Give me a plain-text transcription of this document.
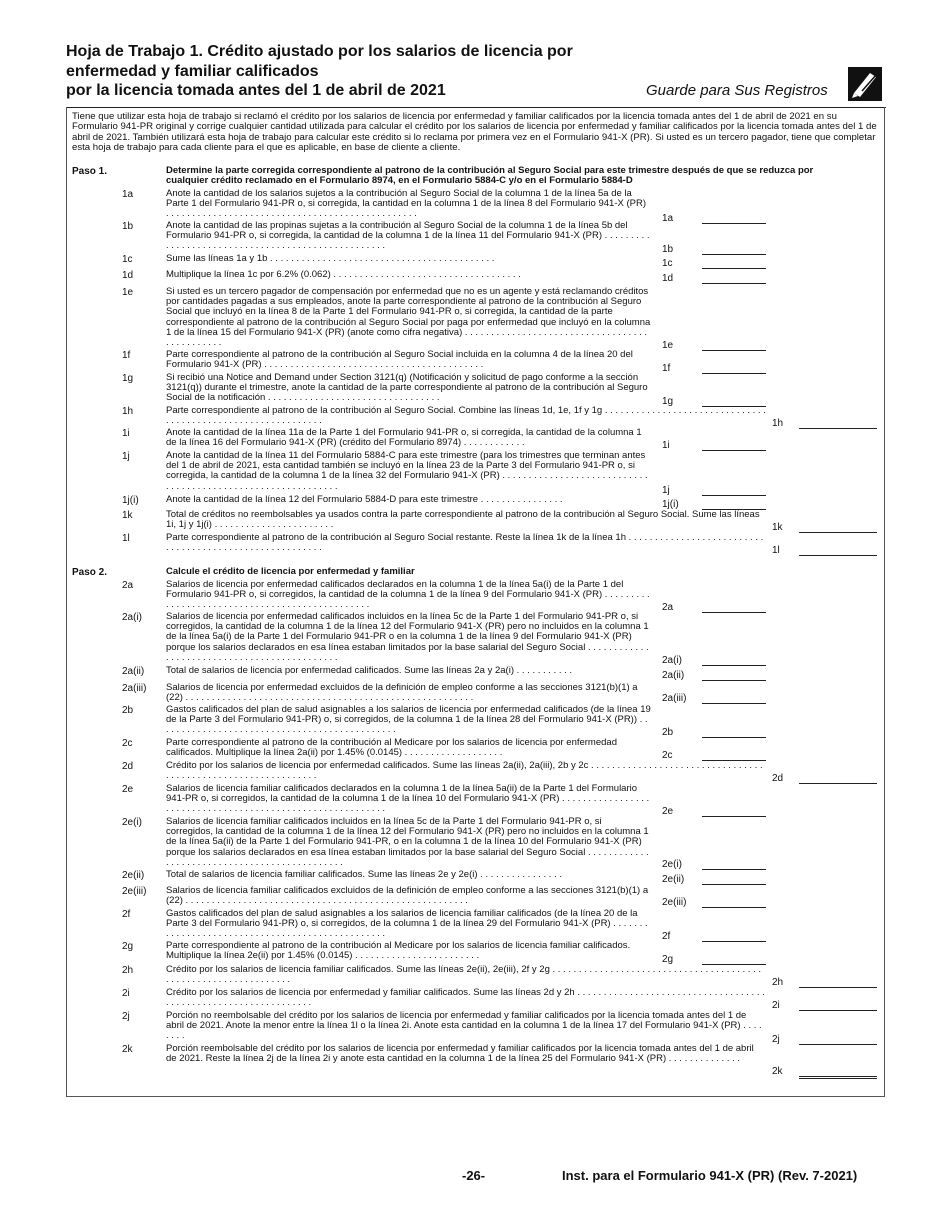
Hoja de Trabajo 1. Crédito ajustado por los salarios de licencia por
enfermedad y familiar calificados
por la licencia tomada antes del 1 de abril de 2021	Guarde para Sus Registros
Tiene que utilizar esta hoja de trabajo si reclamó el crédito por los salarios de licencia por enfermedad y familiar calificados por la licencia tomada antes del 1 de abril de 2021 en su Formulario 941-PR original y corrige cualquier cantidad utilizada para calcular el crédito por los salarios de licencia por enfermedad y familiar calificados por la licencia tomada antes del 1 de abril de 2021. También utilizará esta hoja de trabajo para calcular este crédito si lo reclama por primera vez en el Formulario 941-X (PR). Si usted es un tercero pagador, tiene que completar esta hoja de trabajo para cada cliente para el que es aplicable, en base de cliente a cliente.
Paso 1.	Determine la parte corregida correspondiente al patrono de la contribución al Seguro Social para este trimestre después de que se reduzca por cualquier crédito reclamado en el Formulario 8974, en el Formulario 5884-C y/o en el Formulario 5884-D
1a	Anote la cantidad de los salarios sujetos a la contribución al Seguro Social de la columna 1 de la línea 5a de la Parte 1 del Formulario 941-PR o, si corregida, la cantidad en la columna 1 de la línea 8 del Formulario 941-X (PR) . . . . . . . . . . . . . . . . . . . . . . . . . . . . . . . . . . . . . . . . . . . . . . . .	1a
1b	Anote la cantidad de las propinas sujetas a la contribución al Seguro Social de la columna 1 de la línea 5b del Formulario 941-PR o, si corregida, la cantidad de la columna 1 de la línea 11 del Formulario 941-X (PR) . . . . . . . . . . . . . . . . . . . . . . . . . . . . . . . . . . . . . . . . . . . . . . . . . . .	1b
1c	Sume las líneas 1a y 1b . . . . . . . . . . . . . . . . . . . . . . . . . . . . . . . . . . . . . . . . . . .	1c
1d	Multiplique la línea 1c por 6.2% (0.062) . . . . . . . . . . . . . . . . . . . . . . . . . . . . . . . . . . . .	1d
1e	Si usted es un tercero pagador de compensación por enfermedad que no es un agente y está reclamando créditos por cantidades pagadas a sus empleados, anote la parte correspondiente al patrono de la contribución al Seguro Social que incluyó en la línea 8 de la Parte 1 del Formulario 941-PR o, si corregida, la cantidad de la parte correspondiente al patrono de la contribución al Seguro Social por paga por enfermedad que incluyó en la columna 1 de la línea 15 del Formulario 941-X (PR) (anote como cifra negativa) . . . . . . . . . . . . . . . . . . . . . . . . . . . . . . . . . . . . . . . . . . . . . .	1e
1f	Parte correspondiente al patrono de la contribución al Seguro Social incluida en la columna 4 de la línea 20 del Formulario 941-X (PR) . . . . . . . . . . . . . . . . . . . . . . . . . . . . . . . . . . . . . . . . . .	1f
1g	Si recibió una Notice and Demand under Section 3121(q) (Notificación y solicitud de pago conforme a la sección 3121(q)) durante el trimestre, anote la cantidad de la parte correspondiente al patrono de la contribución al Seguro Social de la notificación . . . . . . . . . . . . . . . . . . . . . . . . . . . . . . . . .	1g
1h	Parte correspondiente al patrono de la contribución al Seguro Social. Combine las líneas 1d, 1e, 1f y 1g . . . . . . . . . . . . . . . . . . . . . . . . . . . . . . . . . . . . . . . . . . . . . . . . . . . . . . . . . . . . .	1h
1i	Anote la cantidad de la línea 11a de la Parte 1 del Formulario 941-PR o, si corregida, la cantidad de la columna 1 de la línea 16 del Formulario 941-X (PR) (crédito del Formulario 8974) . . . . . . . . . . . .	1i
1j	Anote la cantidad de la línea 11 del Formulario 5884-C para este trimestre (para los trimestres que terminan antes del 1 de abril de 2021, esta cantidad también se incluyó en la línea 23 de la Parte 3 del Formulario 941-PR o, si corregida, la cantidad de la columna 1 de la línea 32 del Formulario 941-X (PR) . . . . . . . . . . . . . . . . . . . . . . . . . . . . . . . . . . . . . . . . . . . . . . . . . . . . . . . . . . . . .	1j
1j(i)	Anote la cantidad de la línea 12 del Formulario 5884-D para este trimestre . . . . . . . . . . . . . . . .	1j(i)
1k	Total de créditos no reembolsables ya usados contra la parte correspondiente al patrono de la contribución al Seguro Social. Sume las líneas 1i, 1j y 1j(i) . . . . . . . . . . . . . . . . . . . . . . .	1k
1l	Parte correspondiente al patrono de la contribución al Seguro Social restante. Reste la línea 1k de la línea 1h . . . . . . . . . . . . . . . . . . . . . . . . . . . . . . . . . . . . . . . . . . . . . . . . . . . . . . . .	1l
Paso 2.	Calcule el crédito de licencia por enfermedad y familiar
2a	Salarios de licencia por enfermedad calificados declarados en la columna 1 de la línea 5a(i) de la Parte 1 del Formulario 941-PR o, si corregidos, la cantidad de la columna 1 de la línea 9 del Formulario 941-X (PR) . . . . . . . . . . . . . . . . . . . . . . . . . . . . . . . . . . . . . . . . . . . . . . . .	2a
2a(i)	Salarios de licencia por enfermedad calificados incluidos en la línea 5c de la Parte 1 del Formulario 941-PR o, si corregidos, la cantidad de la columna 1 de la línea 12 del Formulario 941-X (PR) pero no incluidos en la columna 1 de la línea 5a(i) de la Parte 1 del Formulario 941-PR o en la columna 1 de la línea 9 del Formulario 941-X (PR) porque los salarios declarados en esa línea estaban limitados por la base salarial del Seguro Social . . . . . . . . . . . . . . . . . . . . . . . . . . . . . . . . . . . . . . . . . . . . .	2a(i)
2a(ii) Total de salarios de licencia por enfermedad calificados. Sume las líneas 2a y 2a(i) . . . . . . . . . . .	2a(ii)
2a(iii) Salarios de licencia por enfermedad excluidos de la definición de empleo conforme a las secciones 3121(b)(1) a (22) . . . . . . . . . . . . . . . . . . . . . . . . . . . . . . . . . . . . . . . . . . . . . . . . . . . . . . .	2a(iii)
2b	Gastos calificados del plan de salud asignables a los salarios de licencia por enfermedad calificados (de la línea 19 de la Parte 3 del Formulario 941-PR) o, si corregidos, de la columna 1 de la línea 28 del Formulario 941-X (PR)) . . . . . . . . . . . . . . . . . . . . . . . . . . . . . . . . . . . . . . . . . . . . . .	2b
2c	Parte correspondiente al patrono de la contribución al Medicare por los salarios de licencia por enfermedad calificados. Multiplique la línea 2a(ii) por 1.45% (0.0145) . . . . . . . . . . . . . . . . . . .	2c
2d	Crédito por los salarios de licencia por enfermedad calificados. Sume las líneas 2a(ii), 2a(iii), 2b y 2c . . . . . . . . . . . . . . . . . . . . . . . . . . . . . . . . . . . . . . . . . . . . . . . . . . . . . . . . . . . . . .	2d
2e	Salarios de licencia familiar calificados declarados en la columna 1 de la línea 5a(ii) de la Parte 1 del Formulario 941-PR o, si corregidos, la cantidad de la columna 1 de la línea 10 del Formulario 941-X (PR) . . . . . . . . . . . . . . . . . . . . . . . . . . . . . . . . . . . . . . . . . . . . . . . . . . . . . . . . . . .	2e
2e(i)	Salarios de licencia familiar calificados incluidos en la línea 5c de la Parte 1 del Formulario 941-PR o, si corregidos, la cantidad de la columna 1 de la línea 12 del Formulario 941-X (PR) pero no incluidos en la columna 1 de la línea 5a(ii) de la Parte 1 del Formulario 941-PR, o en la columna 1 de la línea 10 del Formulario 941-X (PR) porque los salarios declarados en esa línea estaban limitados por la base salarial del Seguro Social . . . . . . . . . . . . . . . . . . . . . . . . . . . . . . . . . . . . . . . . . . . . . .	2e(i)
2e(ii) Total de salarios de licencia familiar calificados. Sume las líneas 2e y 2e(i) . . . . . . . . . . . . . . . .	2e(ii)
2e(iii) Salarios de licencia familiar calificados excluidos de la definición de empleo conforme a las secciones 3121(b)(1) a (22) . . . . . . . . . . . . . . . . . . . . . . . . . . . . . . . . . . . . . . . . . . . . . . . . . . . . . .	2e(iii)
2f	Gastos calificados del plan de salud asignables a los salarios de licencia familiar calificados (de la línea 20 de la Parte 3 del Formulario 941-PR) o, si corregidos, de la columna 1 de la línea 29 del Formulario 941-X (PR) . . . . . . . . . . . . . . . . . . . . . . . . . . . . . . . . . . . . . . . . . . . . . . . . .	2f
2g	Parte correspondiente al patrono de la contribución al Medicare por los salarios de licencia familiar calificados. Multiplique la línea 2e(ii) por 1.45% (0.0145) . . . . . . . . . . . . . . . . . . . . . . . .	2g
2h	Crédito por los salarios de licencia familiar calificados. Sume las líneas 2e(ii), 2e(iii), 2f y 2g . . . . . . . . . . . . . . . . . . . . . . . . . . . . . . . . . . . . . . . . . . . . . . . . . . . . . . . . . . . . . . . .	2h
2i	Crédito por los salarios de licencia por enfermedad y familiar calificados. Sume las líneas 2d y 2h . . . . . . . . . . . . . . . . . . . . . . . . . . . . . . . . . . . . . . . . . . . . . . . . . . . . . . . . . . . . . . . .	2i
2j	Porción no reembolsable del crédito por los salarios de licencia por enfermedad y familiar calificados por la licencia tomada antes del 1 de abril de 2021. Anote la menor entre la línea 1l o la línea 2i. Anote esta cantidad en la columna 1 de la línea 17 del Formulario 941-X (PR) . . . . . . . .	2j
2k	Porción reembolsable del crédito por los salarios de licencia por enfermedad y familiar calificados por la licencia tomada antes del 1 de abril de 2021. Reste la línea 2j de la línea 2i y anote esta cantidad en la columna 1 de la línea 25 del Formulario 941-X (PR) . . . . . . . . . . . . . .
2k
-26-	Inst. para el Formulario 941-X (PR) (Rev. 7-2021)
